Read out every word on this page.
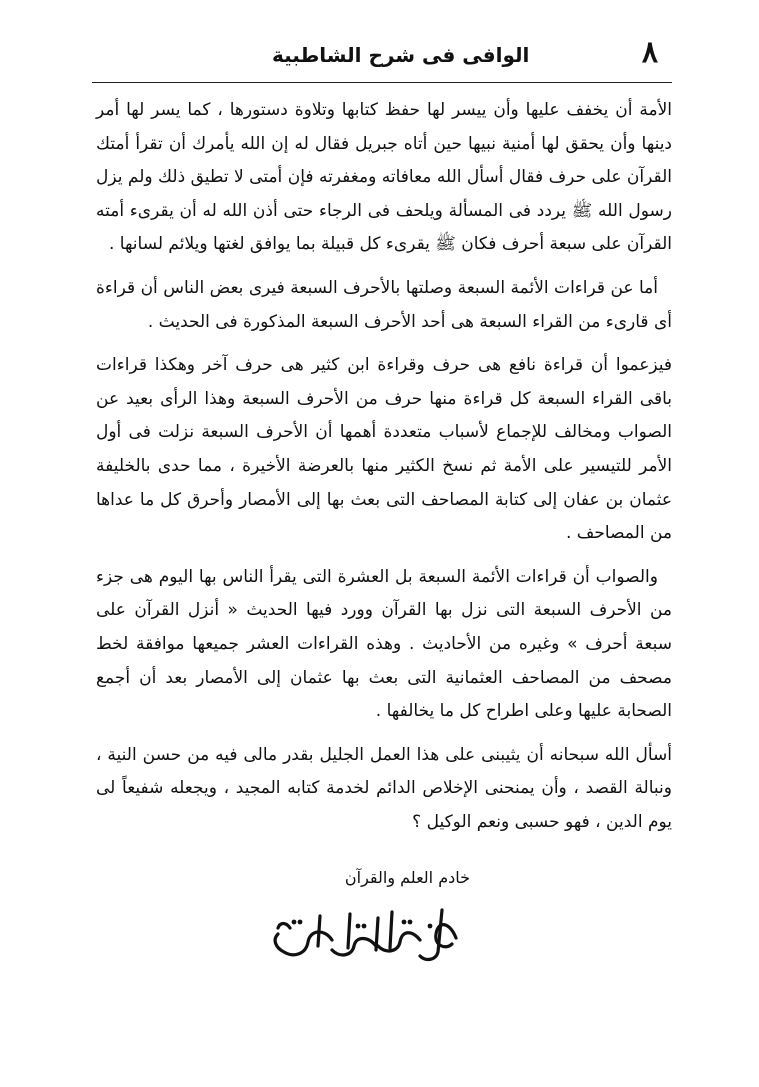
٨
الوافى فى شرح الشاطبية

الأمة أن يخفف عليها وأن ييسر لها حفظ كتابها وتلاوة دستورها ، كما يسر لها أمر دينها وأن يحقق لها أمنية نبيها حين أتاه جبريل فقال له إن الله يأمرك أن تقرأ أمتك القرآن على حرف فقال أسأل الله معافاته ومغفرته فإن أمتى لا تطيق ذلك ولم يزل رسول الله ﷺ يردد فى المسألة ويلحف فى الرجاء حتى أذن الله له أن يقرىء أمته القرآن على سبعة أحرف فكان ﷺ يقرىء كل قبيلة بما يوافق لغتها ويلائم لسانها .

أما عن قراءات الأئمة السبعة وصلتها بالأحرف السبعة فيرى بعض الناس أن قراءة أى قارىء من القراء السبعة هى أحد الأحرف السبعة المذكورة فى الحديث .

فيزعموا أن قراءة نافع هى حرف وقراءة ابن كثير هى حرف آخر وهكذا قراءات باقى القراء السبعة كل قراءة منها حرف من الأحرف السبعة وهذا الرأى بعيد عن الصواب ومخالف للإجماع لأسباب متعددة أهمها أن الأحرف السبعة نزلت فى أول الأمر للتيسير على الأمة ثم نسخ الكثير منها بالعرضة الأخيرة ، مما حدى بالخليفة عثمان بن عفان إلى كتابة المصاحف التى بعث بها إلى الأمصار وأحرق كل ما عداها من المصاحف .

والصواب أن قراءات الأئمة السبعة بل العشرة التى يقرأ الناس بها اليوم هى جزء من الأحرف السبعة التى نزل بها القرآن وورد فيها الحديث « أنزل القرآن على سبعة أحرف » وغيره من الأحاديث . وهذه القراءات العشر جميعها موافقة لخط مصحف من المصاحف العثمانية التى بعث بها عثمان إلى الأمصار بعد أن أجمع الصحابة عليها وعلى اطراح كل ما يخالفها .

أسأل الله سبحانه أن يثيبنى على هذا العمل الجليل بقدر مالى فيه من حسن النية ، ونبالة القصد ، وأن يمنحنى الإخلاص الدائم لخدمة كتابه المجيد ، ويجعله شفيعاً لى يوم الدين ، فهو حسبى ونعم الوكيل ؟

خادم العلم والقرآن
